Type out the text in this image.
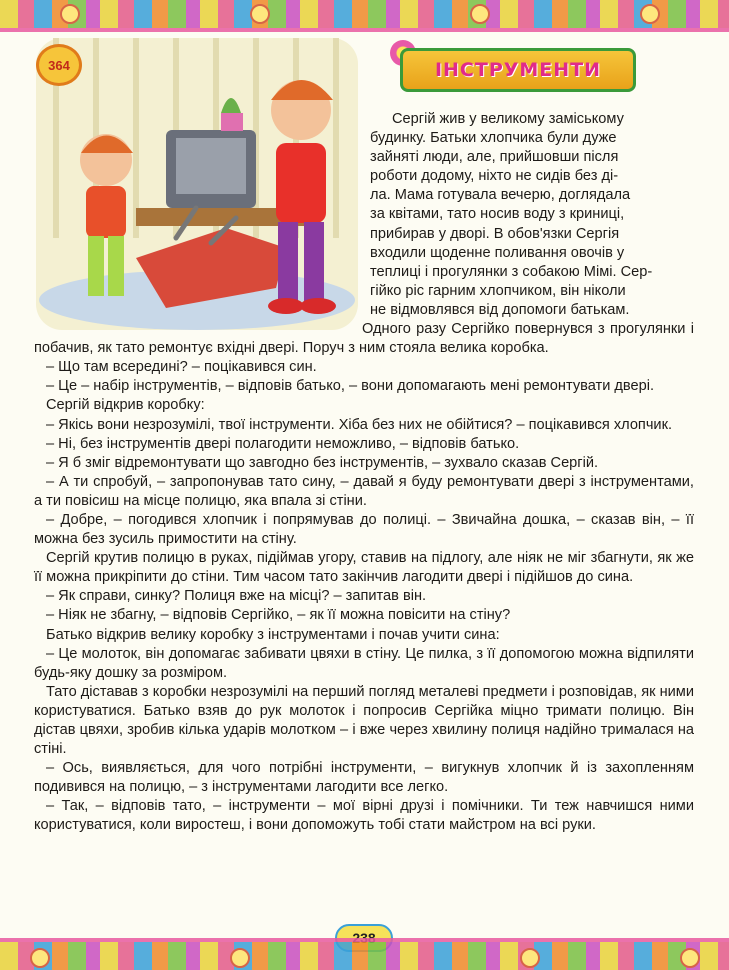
364	ІНСТРУМЕНТИ

Сергій жив у великому заміському
будинку. Батьки хлопчика були дуже
зайняті люди, але, прийшовши після
роботи додому, ніхто не сидів без ді-
ла. Мама готувала вечерю, доглядала
за квітами, тато носив воду з криниці,
прибирав у дворі. В обов'язки Сергія
входили щоденне поливання овочів у
теплиці і прогулянки з собакою Мімі. Сер-
гійко ріс гарним хлопчиком, він ніколи
не відмовлявся від допомоги батькам.

Одного разу Сергійко повернувся з прогулянки і побачив, як тато ремонтує вхідні двері. Поруч з ним стояла велика коробка.

– Що там всередині? – поцікавився син.

– Це – набір інструментів, – відповів батько, – вони допомагають мені ремонтувати двері.

Сергій відкрив коробку:

– Якісь вони незрозумілі, твої інструменти. Хіба без них не обійтися? – поцікавився хлопчик.

– Ні, без інструментів двері полагодити неможливо, – відповів батько.

– Я б зміг відремонтувати що завгодно без інструментів, – зухвало сказав Сергій.

– А ти спробуй, – запропонував тато сину, – давай я буду ремонтувати двері з інструментами, а ти повісиш на місце полицю, яка впала зі стіни.

– Добре, – погодився хлопчик і попрямував до полиці. – Звичайна дошка, – сказав він, – її можна без зусиль примостити на стіну.

Сергій крутив полицю в руках, підіймав угору, ставив на підлогу, але ніяк не міг збагнути, як же її можна прикріпити до стіни. Тим часом тато закінчив лагодити двері і підійшов до сина.

– Як справи, синку? Полиця вже на місці? – запитав він.

– Ніяк не збагну, – відповів Сергійко, – як її можна повісити на стіну?

Батько відкрив велику коробку з інструментами і почав учити сина:

– Це молоток, він допомагає забивати цвяхи в стіну. Це пилка, з її допомогою можна відпиляти будь-яку дошку за розміром.

Тато діставав з коробки незрозумілі на перший погляд металеві предмети і розповідав, як ними користуватися. Батько взяв до рук молоток і попросив Сергійка міцно тримати полицю. Він дістав цвяхи, зробив кілька ударів молотком – і вже через хвилину полиця надійно трималася на стіні.

– Ось, виявляється, для чого потрібні інструменти, – вигукнув хлопчик й із захопленням подивився на полицю, – з інструментами лагодити все легко.

– Так, – відповів тато, – інструменти – мої вірні друзі і помічники. Ти теж навчишся ними користуватися, коли виростеш, і вони допоможуть тобі стати майстром на всі руки.
